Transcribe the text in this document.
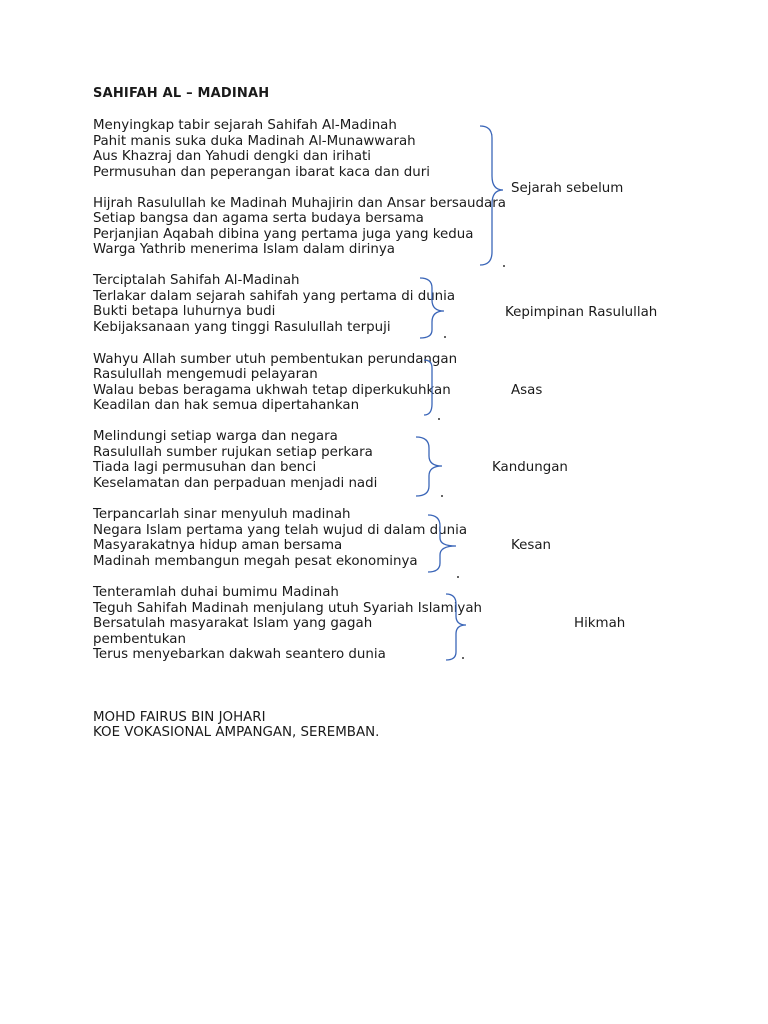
SAHIFAH AL – MADINAH
Menyingkap tabir sejarah Sahifah Al-Madinah
Pahit manis suka duka Madinah Al-Munawwarah
Aus Khazraj dan Yahudi dengki dan irihati
Permusuhan dan peperangan ibarat kaca dan duri
Hijrah Rasulullah ke Madinah Muhajirin dan Ansar bersaudara
Setiap bangsa dan agama serta budaya bersama
Perjanjian Aqabah dibina yang pertama juga yang kedua
Warga Yathrib menerima Islam dalam dirinya
Sejarah sebelum
Terciptalah Sahifah Al-Madinah
Terlakar dalam sejarah sahifah yang pertama di dunia
Bukti betapa luhurnya budi
Kebijaksanaan yang tinggi Rasulullah terpuji
Kepimpinan Rasulullah
Wahyu Allah sumber utuh pembentukan perundangan
Rasulullah mengemudi pelayaran
Walau bebas beragama ukhwah tetap diperkukuhkan
Keadilan dan hak semua dipertahankan
Asas
Melindungi setiap warga dan negara
Rasulullah sumber rujukan setiap perkara
Tiada lagi permusuhan dan benci
Keselamatan dan perpaduan menjadi nadi
Kandungan
Terpancarlah sinar menyuluh madinah
Negara Islam pertama yang telah wujud di dalam dunia
Masyarakatnya hidup aman bersama
Madinah membangun megah pesat ekonominya
Kesan
Tenteramlah duhai bumimu Madinah
Teguh Sahifah Madinah menjulang utuh Syariah Islamiyah
Bersatulah masyarakat Islam yang gagah
pembentukan
Terus menyebarkan dakwah seantero dunia
Hikmah
MOHD FAIRUS BIN JOHARI
KOE VOKASIONAL AMPANGAN, SEREMBAN.
